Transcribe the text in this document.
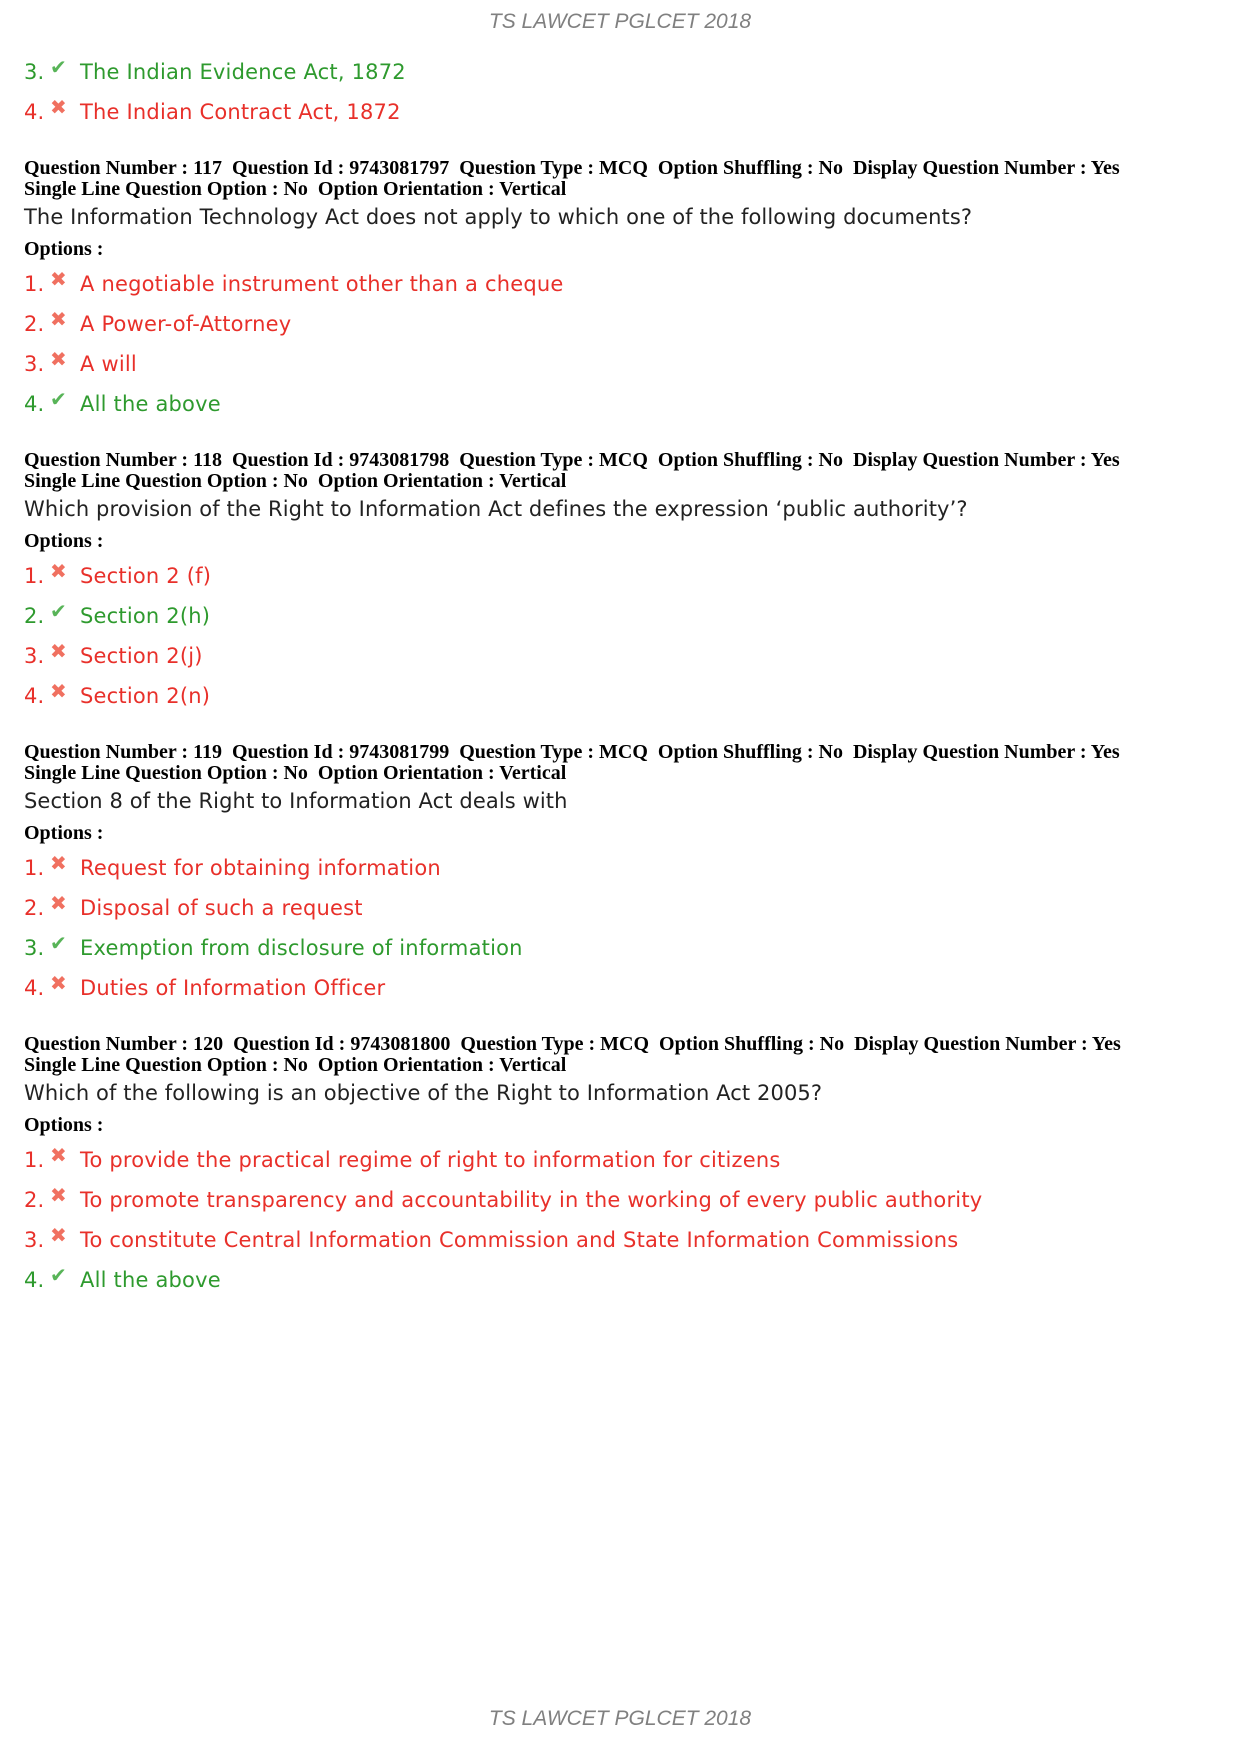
TS LAWCET PGLCET 2018
3. ✔ The Indian Evidence Act, 1872
4. ✖ The Indian Contract Act, 1872
Question Number : 117  Question Id : 9743081797  Question Type : MCQ  Option Shuffling : No  Display Question Number : Yes
Single Line Question Option : No  Option Orientation : Vertical
The Information Technology Act does not apply to which one of the following documents?
Options :
1. ✖ A negotiable instrument other than a cheque
2. ✖ A Power-of-Attorney
3. ✖ A will
4. ✔ All the above
Question Number : 118  Question Id : 9743081798  Question Type : MCQ  Option Shuffling : No  Display Question Number : Yes
Single Line Question Option : No  Option Orientation : Vertical
Which provision of the Right to Information Act defines the expression ‘public authority’?
Options :
1. ✖ Section 2 (f)
2. ✔ Section 2(h)
3. ✖ Section 2(j)
4. ✖ Section 2(n)
Question Number : 119  Question Id : 9743081799  Question Type : MCQ  Option Shuffling : No  Display Question Number : Yes
Single Line Question Option : No  Option Orientation : Vertical
Section 8 of the Right to Information Act deals with
Options :
1. ✖ Request for obtaining information
2. ✖ Disposal of such a request
3. ✔ Exemption from disclosure of information
4. ✖ Duties of Information Officer
Question Number : 120  Question Id : 9743081800  Question Type : MCQ  Option Shuffling : No  Display Question Number : Yes
Single Line Question Option : No  Option Orientation : Vertical
Which of the following is an objective of the Right to Information Act 2005?
Options :
1. ✖ To provide the practical regime of right to information for citizens
2. ✖ To promote transparency and accountability in the working of every public authority
3. ✖ To constitute Central Information Commission and State Information Commissions
4. ✔ All the above
TS LAWCET PGLCET 2018
